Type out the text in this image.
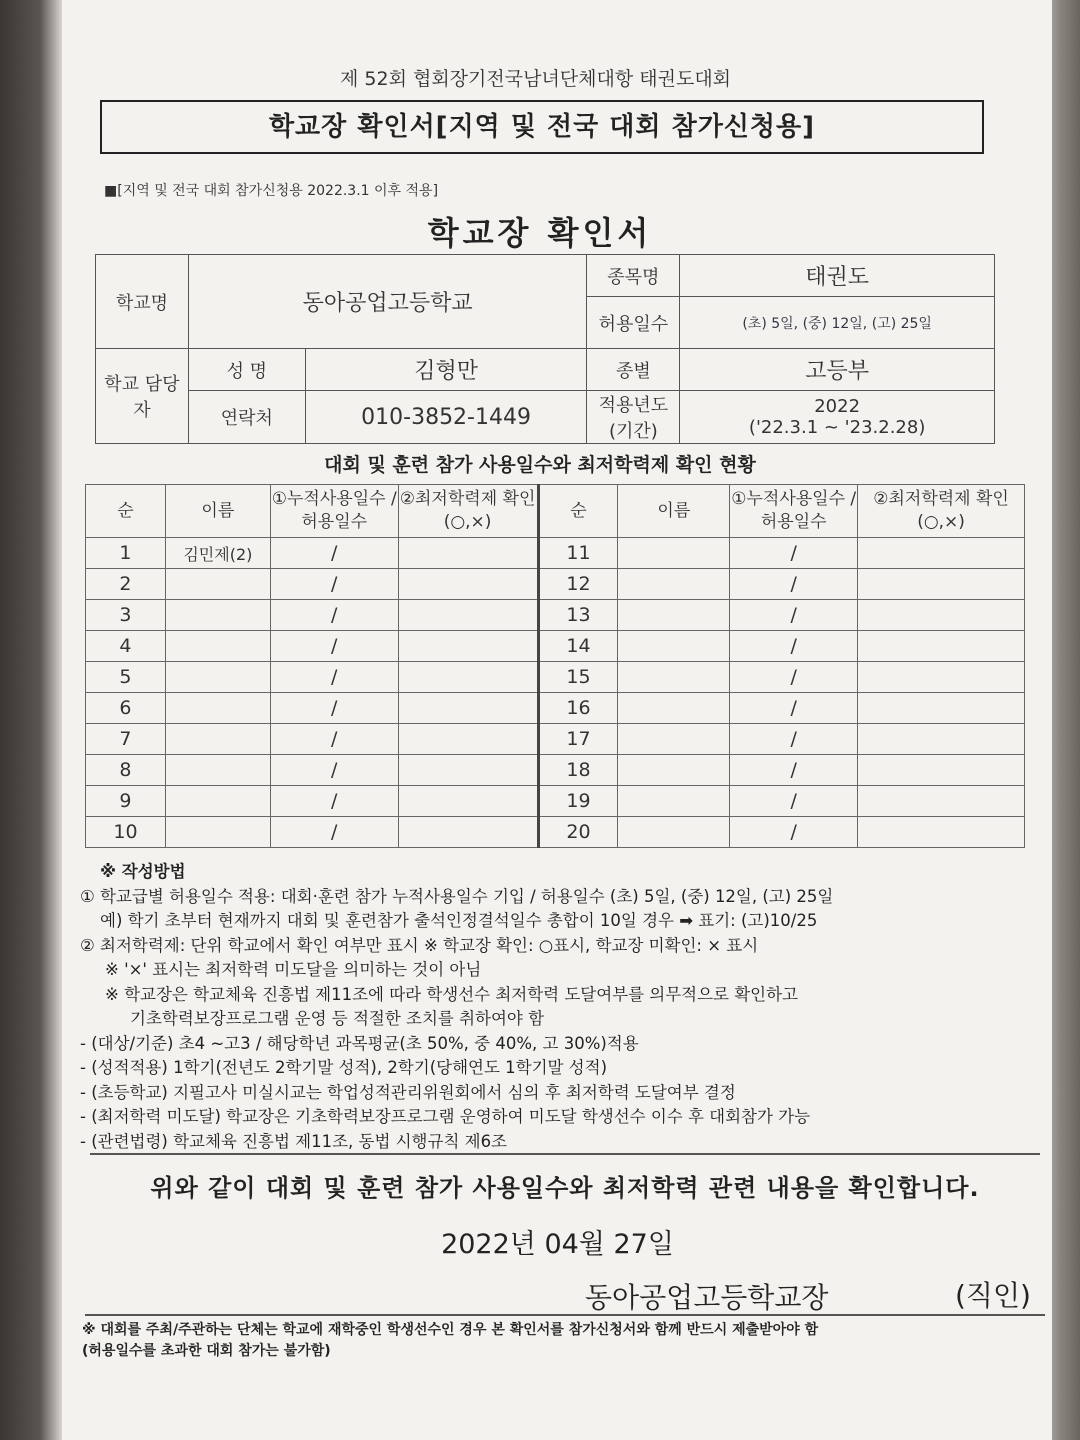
제 52회 협회장기전국남녀단체대항 태권도대회
학교장 확인서[지역 및 전국 대회 참가신청용]
■[지역 및 전국 대회 참가신청용 2022.3.1 이후 적용]
학교장 확인서
학교명	동아공업고등학교		종목명	태권도
			허용일수	(초) 5일, (중) 12일, (고) 25일
학교 담당자	성 명	김형만	종별	고등부
	연락처	010-3852-1449	적용년도 (기간)	2022
('22.3.1 ~ '23.2.28)
대회 및 훈련 참가 사용일수와 최저학력제 확인 현황
순	이름	①누적사용일수 /허용일수	②최저학력제 확인(○,×)	순	이름	①누적사용일수 /허용일수	②최저학력제 확인(○,×)
1	김민제(2)	/		11		/	
2		/		12		/	
3		/		13		/	
4		/		14		/	
5		/		15		/	
6		/		16		/	
7		/		17		/	
8		/		18		/	
9		/		19		/	
10		/		20		/	
※ 작성방법
① 학교급별 허용일수 적용: 대회·훈련 참가 누적사용일수 기입 / 허용일수 (초) 5일, (중) 12일, (고) 25일
예) 학기 초부터 현재까지 대회 및 훈련참가 출석인정결석일수 총합이 10일 경우 ➡ 표기: (고)10/25
② 최저학력제: 단위 학교에서 확인 여부만 표시 ※ 학교장 확인: ○표시, 학교장 미확인: × 표시
※ '×' 표시는 최저학력 미도달을 의미하는 것이 아님
※ 학교장은 학교체육 진흥법 제11조에 따라 학생선수 최저학력 도달여부를 의무적으로 확인하고
기초학력보장프로그램 운영 등 적절한 조치를 취하여야 함
- (대상/기준) 초4 ~고3 / 해당학년 과목평균(초 50%, 중 40%, 고 30%)적용
- (성적적용) 1학기(전년도 2학기말 성적), 2학기(당해연도 1학기말 성적)
- (초등학교) 지필고사 미실시교는 학업성적관리위원회에서 심의 후 최저학력 도달여부 결정
- (최저학력 미도달) 학교장은 기초학력보장프로그램 운영하여 미도달 학생선수 이수 후 대회참가 가능
- (관련법령) 학교체육 진흥법 제11조, 동법 시행규칙 제6조
위와 같이 대회 및 훈련 참가 사용일수와 최저학력 관련 내용을 확인합니다.
2022년 04월 27일
동아공업고등학교장	(직인)
※ 대회를 주최/주관하는 단체는 학교에 재학중인 학생선수인 경우 본 확인서를 참가신청서와 함께 반드시 제출받아야 함
(허용일수를 초과한 대회 참가는 불가함)
